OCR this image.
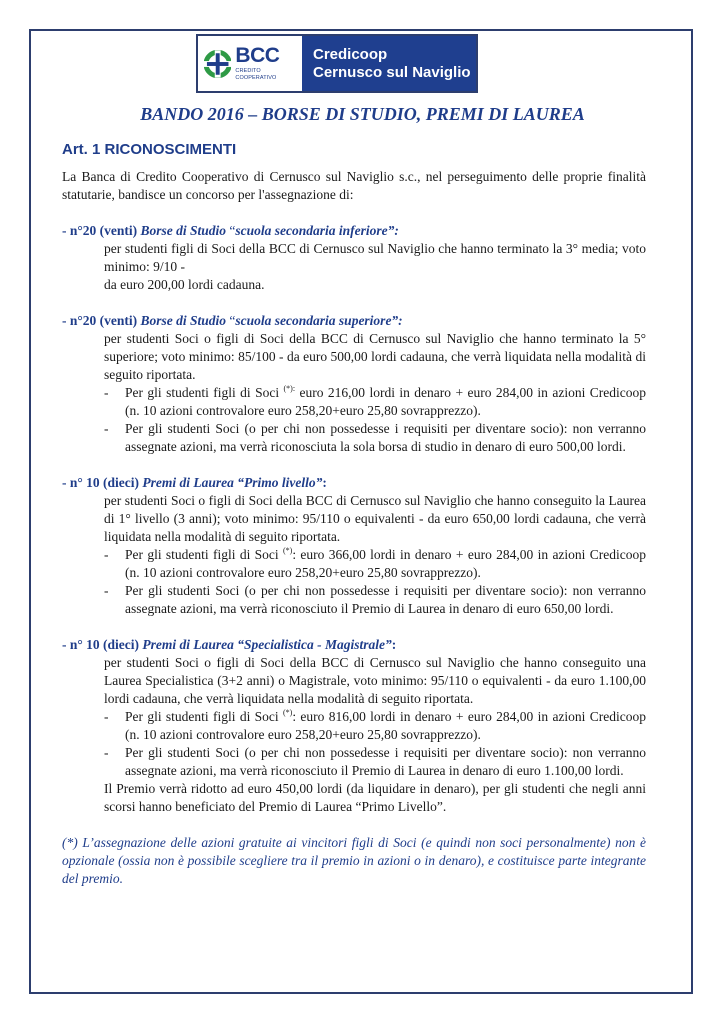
BCC
CREDITO COOPERATIVO
Credicoop
Cernusco sul Naviglio
BANDO 2016 – BORSE DI STUDIO, PREMI DI LAUREA
Art. 1 RICONOSCIMENTI

La Banca di Credito Cooperativo di Cernusco sul Naviglio s.c., nel perseguimento delle proprie finalità statutarie, bandisce un concorso per l'assegnazione di:

- n°20 (venti) Borse di Studio “scuola secondaria inferiore”:

per studenti figli di Soci della BCC di Cernusco sul Naviglio che hanno terminato la 3° media; voto minimo: 9/10 -

da euro 200,00 lordi cadauna.

- n°20 (venti) Borse di Studio “scuola secondaria superiore”:

per studenti Soci o figli di Soci della BCC di Cernusco sul Naviglio che hanno terminato la 5° superiore; voto minimo: 85/100 - da euro 500,00 lordi cadauna, che verrà liquidata nella modalità di seguito riportata.

- Per gli studenti figli di Soci (*): euro 216,00 lordi in denaro + euro 284,00 in azioni Credicoop (n. 10 azioni controvalore euro 258,20+euro 25,80 sovrapprezzo).
- Per gli studenti Soci (o per chi non possedesse i requisiti per diventare socio): non verranno assegnate azioni, ma verrà riconosciuta la sola borsa di studio in denaro di euro 500,00 lordi.

- n° 10 (dieci) Premi di Laurea “Primo livello”:

per studenti Soci o figli di Soci della BCC di Cernusco sul Naviglio che hanno conseguito la Laurea di 1° livello (3 anni); voto minimo: 95/110 o equivalenti - da euro 650,00 lordi cadauna, che verrà liquidata nella modalità di seguito riportata.

- Per gli studenti figli di Soci (*): euro 366,00 lordi in denaro + euro 284,00 in azioni Credicoop (n. 10 azioni controvalore euro 258,20+euro 25,80 sovrapprezzo).
- Per gli studenti Soci (o per chi non possedesse i requisiti per diventare socio): non verranno assegnate azioni, ma verrà riconosciuto il Premio di Laurea in denaro di euro 650,00 lordi.

- n° 10 (dieci) Premi di Laurea “Specialistica - Magistrale”:

per studenti Soci o figli di Soci della BCC di Cernusco sul Naviglio che hanno conseguito una Laurea Specialistica (3+2 anni) o Magistrale, voto minimo: 95/110 o equivalenti - da euro 1.100,00 lordi cadauna, che verrà liquidata nella modalità di seguito riportata.

- Per gli studenti figli di Soci (*): euro 816,00 lordi in denaro + euro 284,00 in azioni Credicoop (n. 10 azioni controvalore euro 258,20+euro 25,80 sovrapprezzo).
- Per gli studenti Soci (o per chi non possedesse i requisiti per diventare socio): non verranno assegnate azioni, ma verrà riconosciuto il Premio di Laurea in denaro di euro 1.100,00 lordi.

Il Premio verrà ridotto ad euro 450,00 lordi (da liquidare in denaro), per gli studenti che negli anni scorsi hanno beneficiato del Premio di Laurea “Primo Livello”.

(*) L’assegnazione delle azioni gratuite ai vincitori figli di Soci (e quindi non soci personalmente) non è opzionale (ossia non è possibile scegliere tra il premio in azioni o in denaro), e costituisce parte integrante del premio.
